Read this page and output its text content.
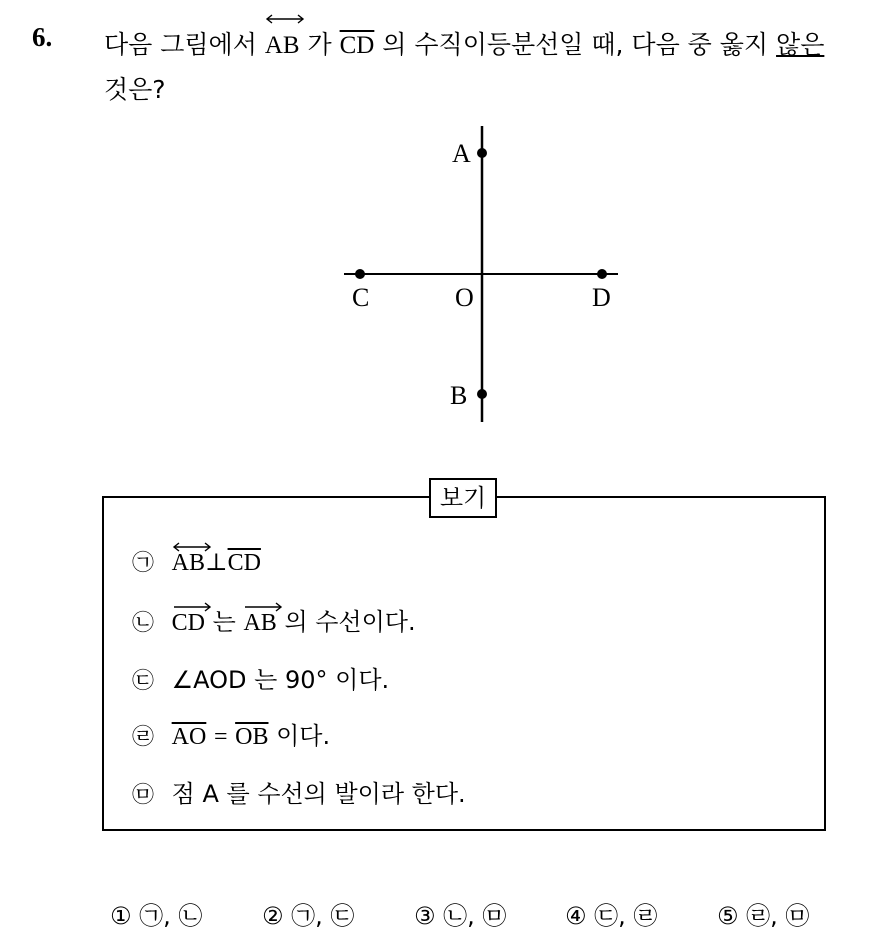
6. 다음 그림에서 AB 가 $\overline{CD}$ 의 수직이등분선일 때, 다음 중 옳지 않은
것은?
A
B
C	O	D
보기
㉠ $AB\perp\overline{CD}$
㉡ CD 는 AB 의 수선이다.
㉢ ∠AOD 는 90° 이다.
㉣ $\overline{AO} = \overline{OB}$ 이다.
㉤ 점 A 를 수선의 발이라 한다.
① ㉠, ㉡ ② ㉠, ㉢ ③ ㉡, ㉤ ④ ㉢, ㉣ ⑤ ㉣, ㉤
